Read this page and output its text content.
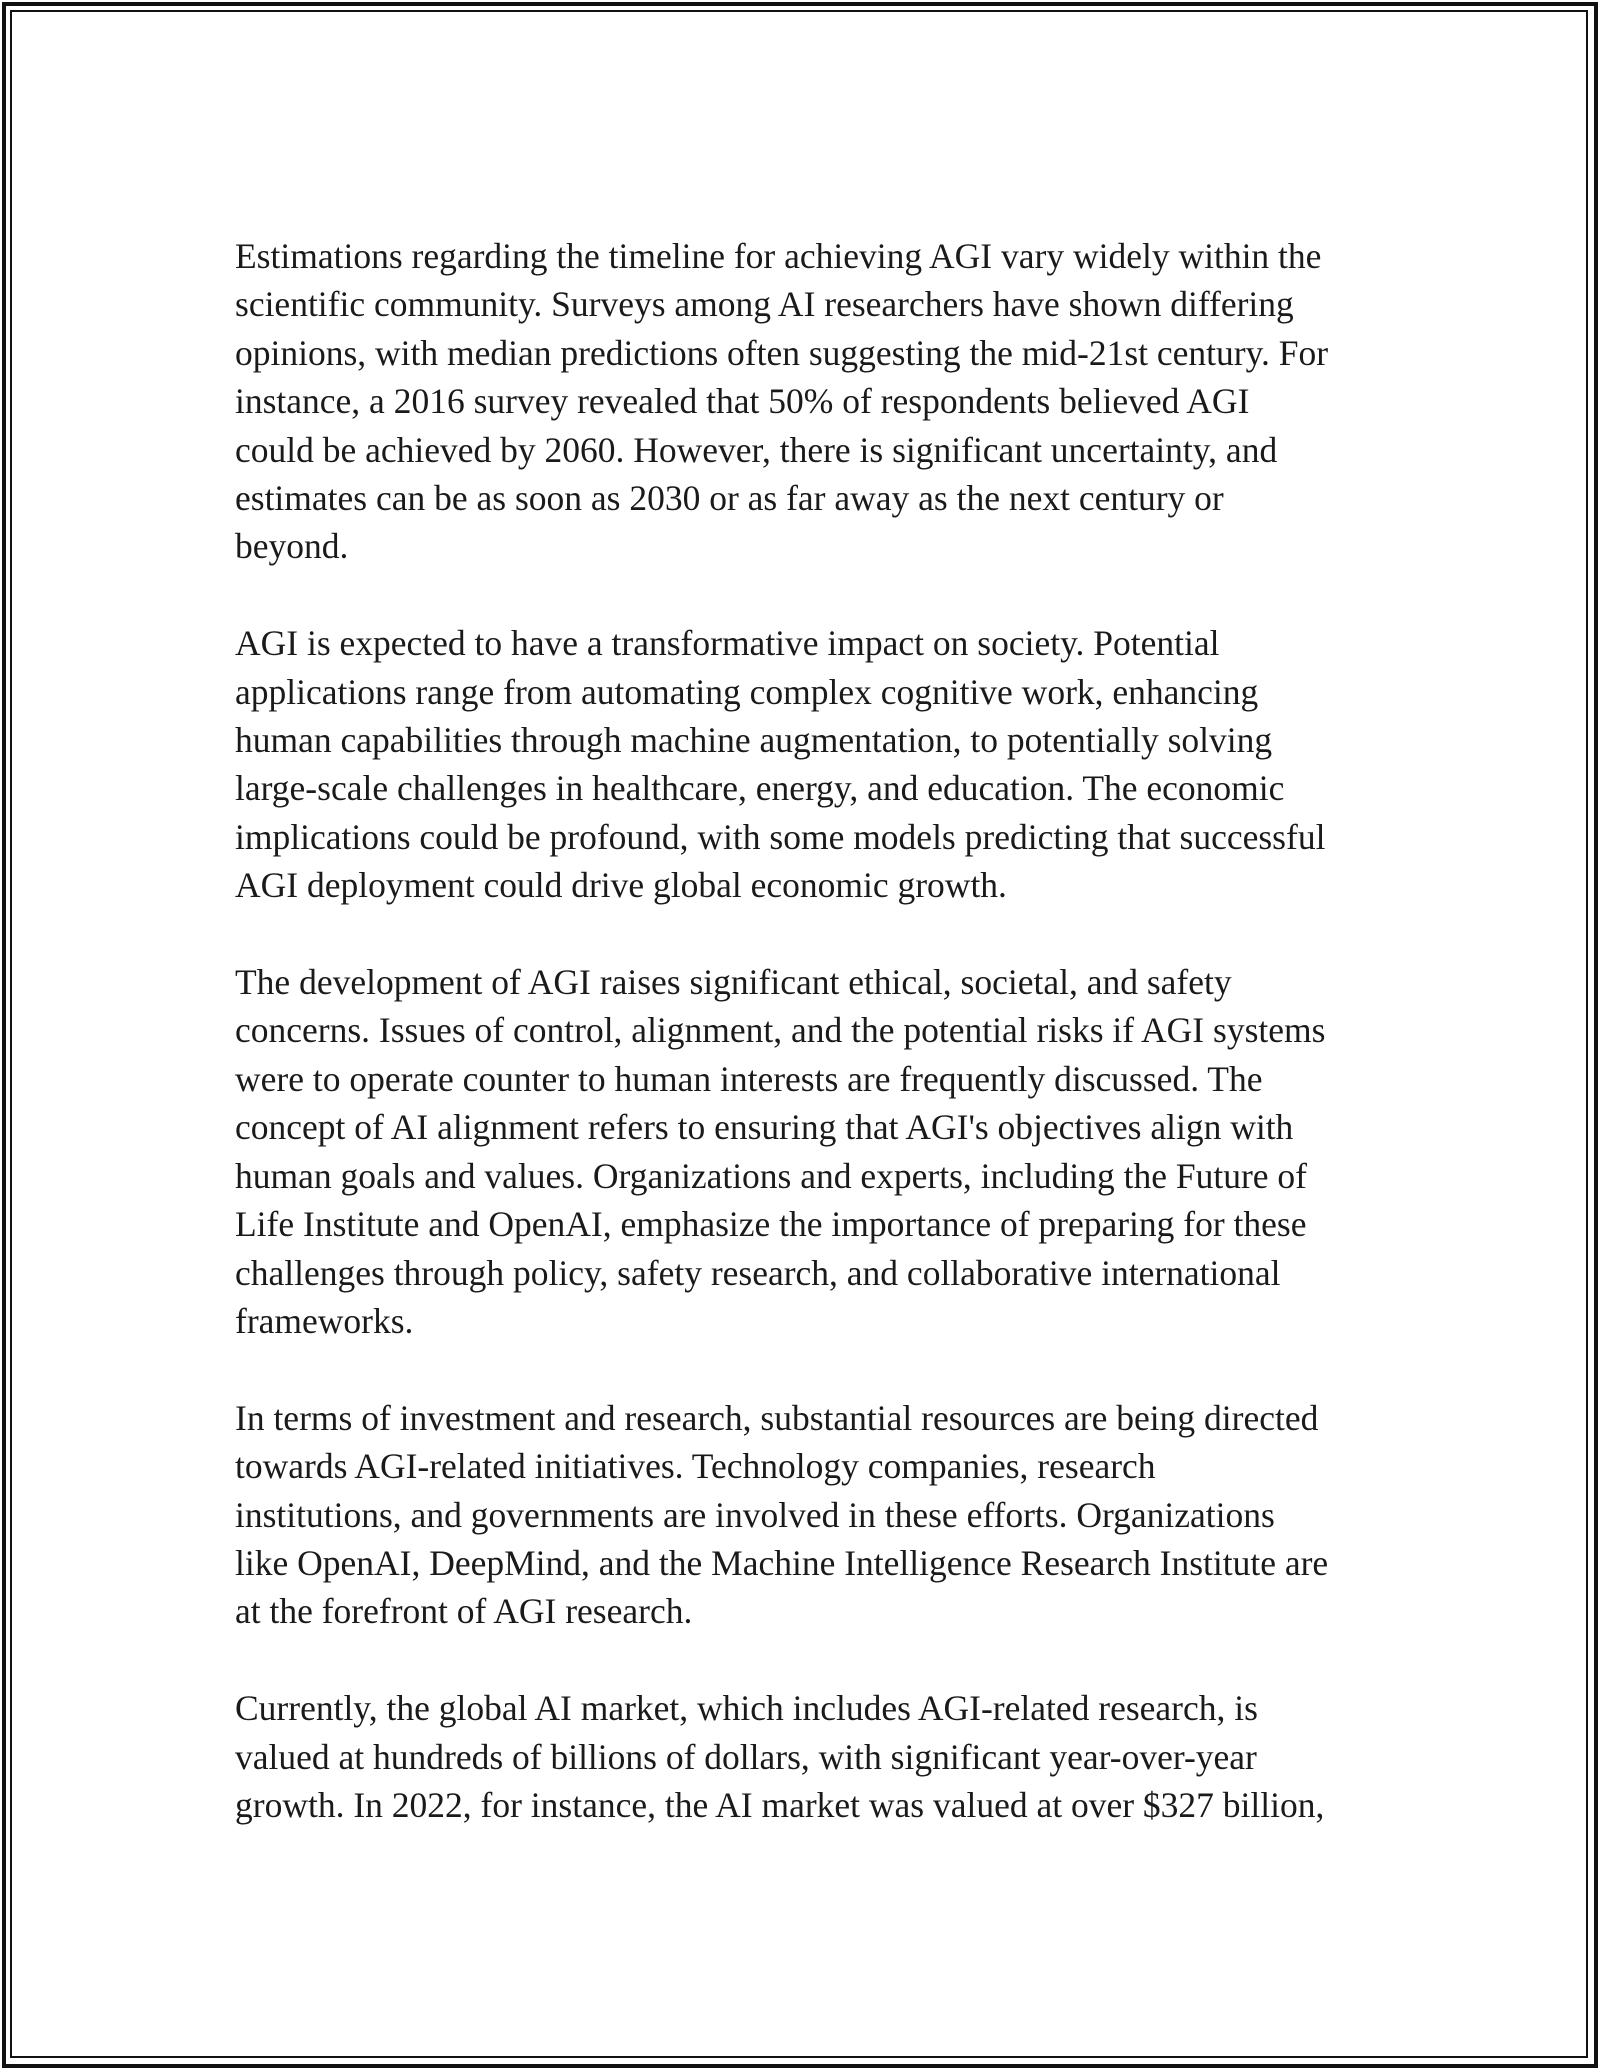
Estimations regarding the timeline for achieving AGI vary widely within the
scientific community. Surveys among AI researchers have shown differing
opinions, with median predictions often suggesting the mid-21st century. For
instance, a 2016 survey revealed that 50% of respondents believed AGI
could be achieved by 2060. However, there is significant uncertainty, and
estimates can be as soon as 2030 or as far away as the next century or
beyond.

AGI is expected to have a transformative impact on society. Potential
applications range from automating complex cognitive work, enhancing
human capabilities through machine augmentation, to potentially solving
large-scale challenges in healthcare, energy, and education. The economic
implications could be profound, with some models predicting that successful
AGI deployment could drive global economic growth.

The development of AGI raises significant ethical, societal, and safety
concerns. Issues of control, alignment, and the potential risks if AGI systems
were to operate counter to human interests are frequently discussed. The
concept of AI alignment refers to ensuring that AGI's objectives align with
human goals and values. Organizations and experts, including the Future of
Life Institute and OpenAI, emphasize the importance of preparing for these
challenges through policy, safety research, and collaborative international
frameworks.

In terms of investment and research, substantial resources are being directed
towards AGI-related initiatives. Technology companies, research
institutions, and governments are involved in these efforts. Organizations
like OpenAI, DeepMind, and the Machine Intelligence Research Institute are
at the forefront of AGI research.

Currently, the global AI market, which includes AGI-related research, is
valued at hundreds of billions of dollars, with significant year-over-year
growth. In 2022, for instance, the AI market was valued at over $327 billion,
